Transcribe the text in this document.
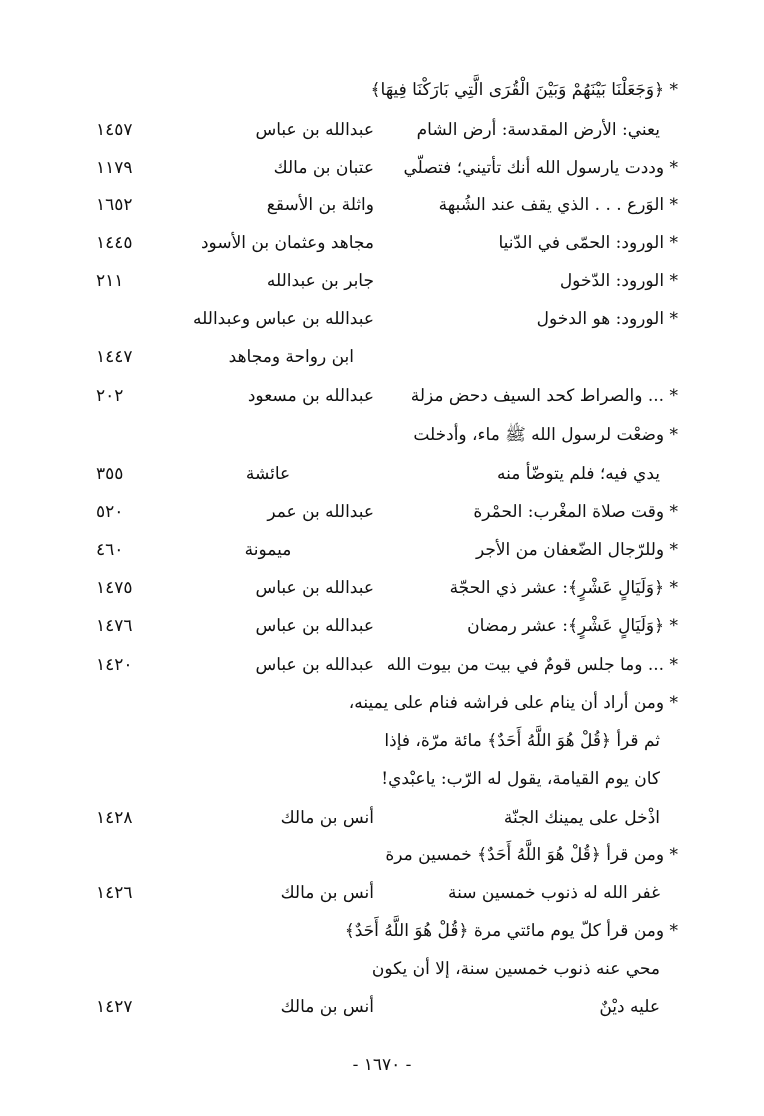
* ﴿وَجَعَلْنَا بَيْنَهُمْ وَبَيْنَ الْقُرَى الَّتِي بَارَكْنَا فِيهَا﴾
يعني: الأرض المقدسة: أرض الشام
عبدالله بن عباس
١٤٥٧
* وددت يارسول الله أنك تأتيني؛ فتصلّي
عتبان بن مالك
١١٧٩
* الوَرع . . . الذي يقف عند الشُبهة
واثلة بن الأسقع
١٦٥٢
* الورود: الحمّى في الدّنيا
مجاهد وعثمان بن الأسود
١٤٤٥
* الورود: الدّخول
جابر بن عبدالله
٢١١
* الورود: هو الدخول
عبدالله بن عباس وعبدالله
ابن رواحة ومجاهد
١٤٤٧
* ... والصراط كحد السيف دحض مزلة
عبدالله بن مسعود
٢٠٢
* وضعْت لرسول الله ﷺ ماء، وأدخلت
يدي فيه؛ فلم يتوضّأ منه
عائشة
٣٥٥
* وقت صلاة المغْرب: الحمْرة
عبدالله بن عمر
٥٢٠
* وللرّجال الضّعفان من الأجر
ميمونة
٤٦٠
* ﴿وَلَيَالٍ عَشْرٍ﴾: عشر ذي الحجّة
عبدالله بن عباس
١٤٧٥
* ﴿وَلَيَالٍ عَشْرٍ﴾: عشر رمضان
عبدالله بن عباس
١٤٧٦
* ... وما جلس قومٌ في بيت من بيوت الله
عبدالله بن عباس
١٤٢٠
* ومن أراد أن ينام على فراشه فنام على يمينه،
ثم قرأ ﴿قُلْ هُوَ اللَّهُ أَحَدٌ﴾ مائة مرّة، فإذا
كان يوم القيامة، يقول له الرّب: ياعبْدي!
اذْخل على يمينك الجنّة
أنس بن مالك
١٤٢٨
* ومن قرأ ﴿قُلْ هُوَ اللَّهُ أَحَدٌ﴾ خمسين مرة
غفر الله له ذنوب خمسين سنة
أنس بن مالك
١٤٢٦
* ومن قرأ كلّ يوم مائتي مرة ﴿قُلْ هُوَ اللَّهُ أَحَدٌ﴾
محي عنه ذنوب خمسين سنة، إلا أن يكون
عليه ديْنٌ
أنس بن مالك
١٤٢٧
- ١٦٧٠ -
